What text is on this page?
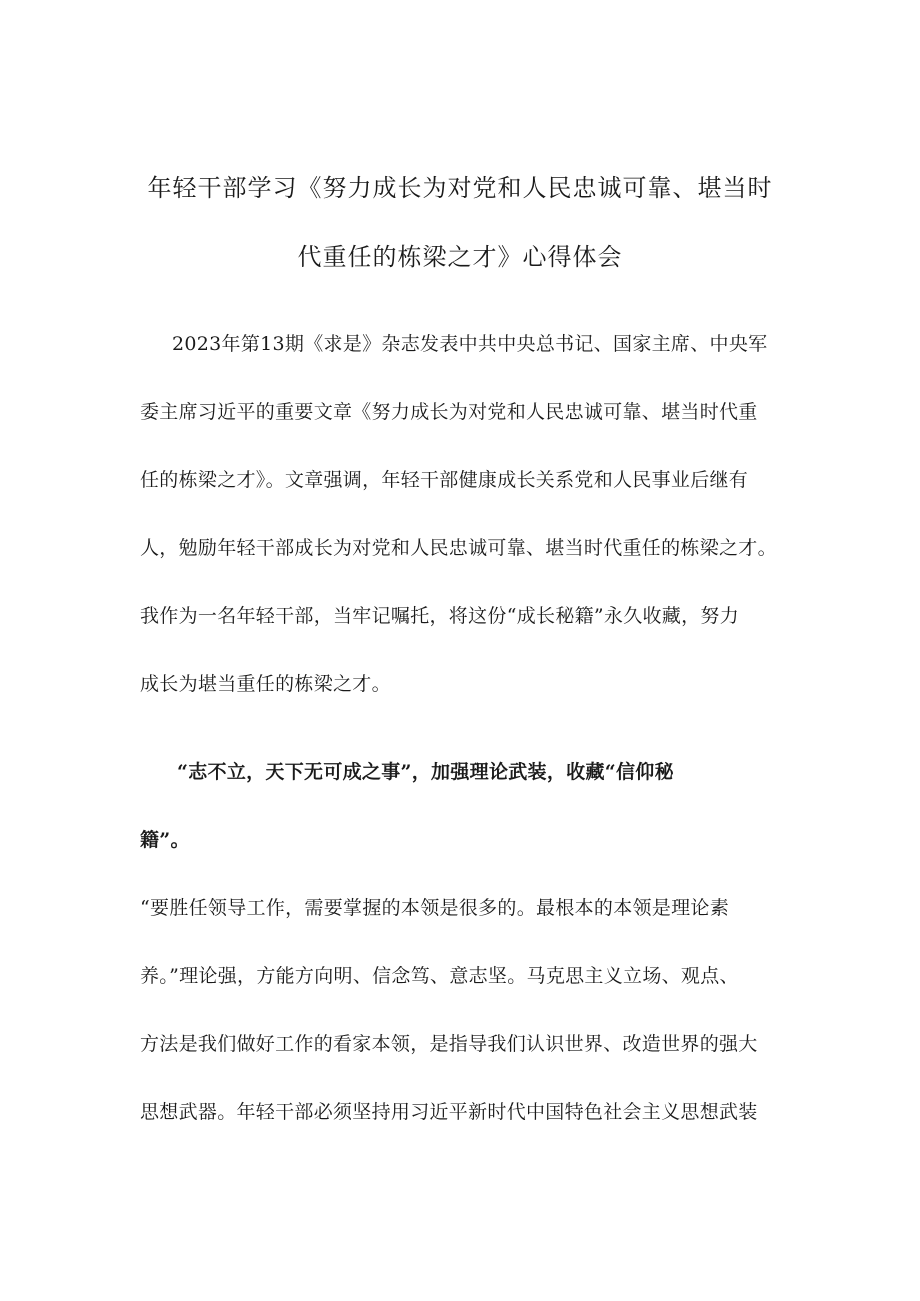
年轻干部学习《努力成长为对党和人民忠诚可靠、堪当时
代重任的栋梁之才》心得体会
2023年第13期《求是》杂志发表中共中央总书记、国家主席、中央军
委主席习近平的重要文章《努力成长为对党和人民忠诚可靠、堪当时代重
任的栋梁之才》。文章强调，年轻干部健康成长关系党和人民事业后继有
人，勉励年轻干部成长为对党和人民忠诚可靠、堪当时代重任的栋梁之才。
我作为一名年轻干部，当牢记嘱托，将这份“成长秘籍”永久收藏，努力
成长为堪当重任的栋梁之才。
“志不立，天下无可成之事”，加强理论武装，收藏“信仰秘
籍”。
“要胜任领导工作，需要掌握的本领是很多的。最根本的本领是理论素
养。”理论强，方能方向明、信念笃、意志坚。马克思主义立场、观点、
方法是我们做好工作的看家本领，是指导我们认识世界、改造世界的强大
思想武器。年轻干部必须坚持用习近平新时代中国特色社会主义思想武装
